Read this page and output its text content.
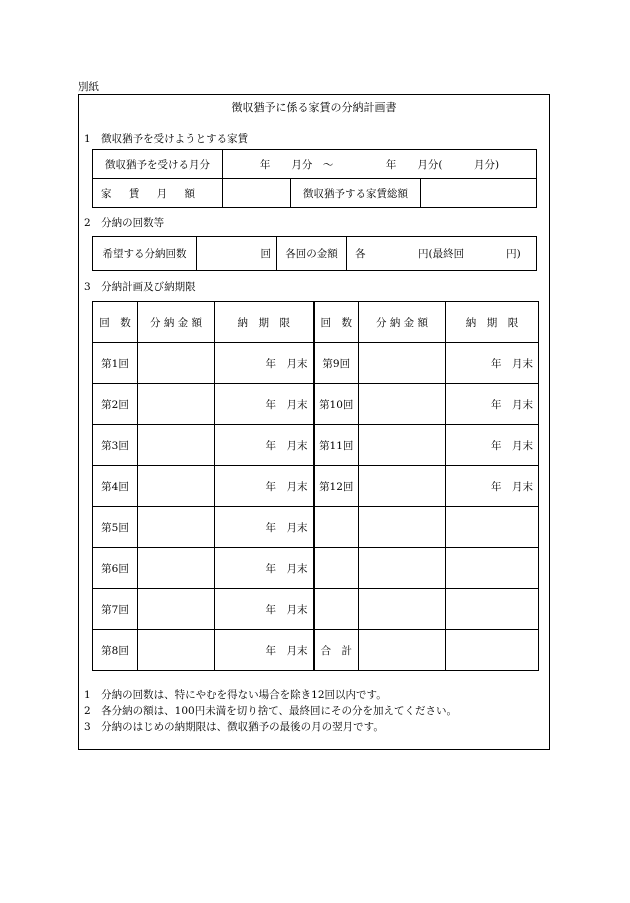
別紙
徴収猶予に係る家賃の分納計画書
1　徴収猶予を受けようとする家賃
徴収猶予を受ける月分	年　　月分　～　　　　　年　　月分(　　　月分)		
家 賃 月 額		徴収猶予する家賃総額	
2　分納の回数等
希望する分納回数	回	各回の金額	各　　　　　円(最終回　　　　円)
3　分納計画及び納期限
回　数	分 納 金 額	納　期　限	回　数	分 納 金 額	納　期　限
第1回		年　月末	第9回		年　月末
第2回		年　月末	第10回		年　月末
第3回		年　月末	第11回		年　月末
第4回		年　月末	第12回		年　月末
第5回		年　月末			
第6回		年　月末			
第7回		年　月末			
第8回		年　月末	合　計		
1　分納の回数は、特にやむを得ない場合を除き12回以内です。
2　各分納の額は、100円未満を切り捨て、最終回にその分を加えてください。
3　分納のはじめの納期限は、徴収猶予の最後の月の翌月です。
